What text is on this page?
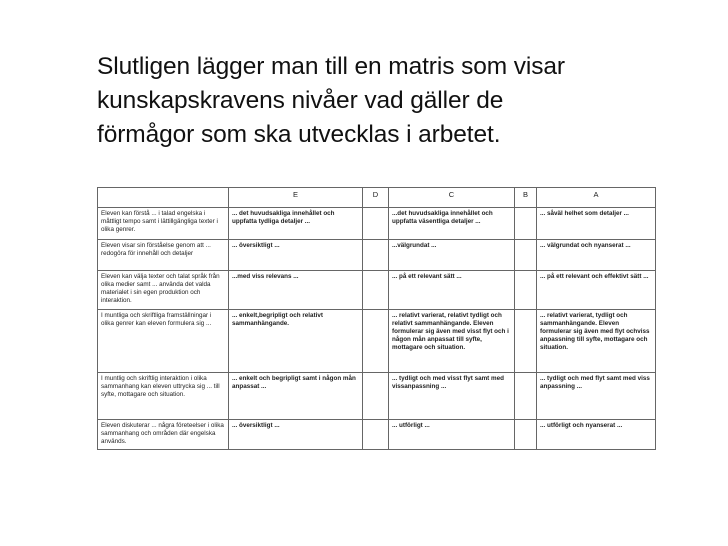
Slutligen lägger man till en matris som visar
kunskapskravens nivåer vad gäller de
förmågor som ska utvecklas i arbetet.
	E	D	C	B	A
Eleven kan förstå ... i talad engelska i måttligt tempo samt i lättillgängliga texter i olika genrer.	... det huvudsakliga innehållet och uppfatta tydliga detaljer ...		...det huvudsakliga innehållet och uppfatta väsentliga detaljer ...		... såväl helhet som detaljer ...
Eleven visar sin förståelse genom att ... redogöra för innehåll och detaljer	... översiktligt ...		...välgrundat ...		... välgrundat och nyanserat ...
Eleven kan välja texter och talat språk från olika medier samt ... använda det valda materialet i sin egen produktion och interaktion.	...med viss relevans ...		... på ett relevant sätt ...		... på ett relevant och effektivt sätt ...
I muntliga och skriftliga framställningar i olika genrer kan eleven formulera sig ...	... enkelt,begripligt och relativt sammanhängande.		... relativt varierat, relativt tydligt och relativt sammanhängande. Eleven formulerar sig även med visst flyt och i någon mån anpassat till syfte, mottagare och situation.		... relativt varierat, tydligt och sammanhängande. Eleven formulerar sig även med flyt ochviss anpassning till syfte, mottagare och situation.
I muntlig och skriftlig interaktion i olika sammanhang kan eleven uttrycka sig ... till syfte, mottagare och situation.	... enkelt och begripligt samt i någon mån anpassat ...		... tydligt och med visst flyt samt med vissanpassning ...		... tydligt och med flyt samt med viss anpassning ...
Eleven diskuterar ... några företeelser i olika sammanhang och områden där engelska används.	... översiktligt ...		... utförligt ...		... utförligt och nyanserat ...
